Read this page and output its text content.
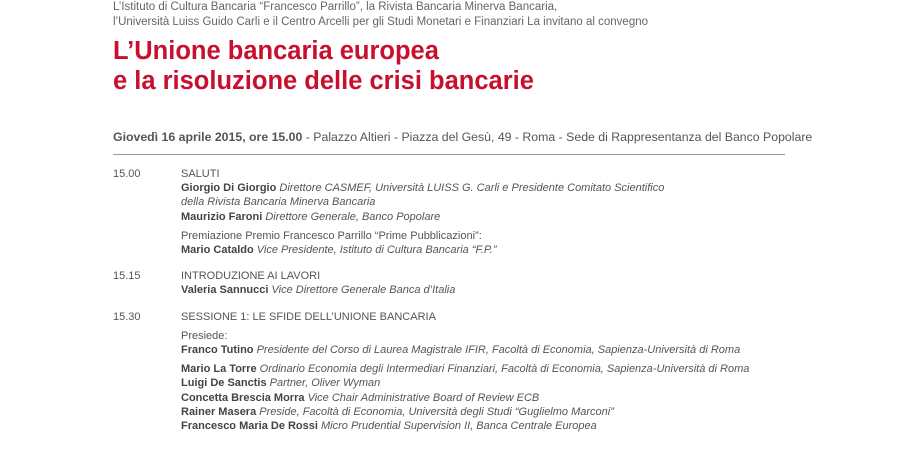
L’Istituto di Cultura Bancaria “Francesco Parrillo”, la Rivista Bancaria Minerva Bancaria,
l’Università Luiss Guido Carli e il Centro Arcelli per gli Studi Monetari e Finanziari La invitano al convegno
L’Unione bancaria europea
e la risoluzione delle crisi bancarie
Giovedì 16 aprile 2015, ore 15.00 - Palazzo Altieri - Piazza del Gesù, 49 - Roma - Sede di Rappresentanza del Banco Popolare
15.00	SALUTI
Giorgio Di Giorgio Direttore CASMEF, Università LUISS G. Carli e Presidente Comitato Scientifico
della Rivista Bancaria Minerva Bancaria
Maurizio Faroni Direttore Generale, Banco Popolare
Premiazione Premio Francesco Parrillo “Prime Pubblicazioni”:
Mario Cataldo Vice Presidente, Istituto di Cultura Bancaria “F.P.”
15.15	INTRODUZIONE AI LAVORI
Valeria Sannucci Vice Direttore Generale Banca d’Italia
15.30	SESSIONE 1: LE SFIDE DELL’UNIONE BANCARIA
Presiede:
Franco Tutino Presidente del Corso di Laurea Magistrale IFIR, Facoltà di Economia, Sapienza-Università di Roma
Mario La Torre Ordinario Economia degli Intermediari Finanziari, Facoltà di Economia, Sapienza-Università di Roma
Luigi De Sanctis Partner, Oliver Wyman
Concetta Brescia Morra Vice Chair Administrative Board of Review ECB
Rainer Masera Preside, Facoltà di Economia, Università degli Studi “Guglielmo Marconi”
Francesco Maria De Rossi Micro Prudential Supervision II, Banca Centrale Europea
